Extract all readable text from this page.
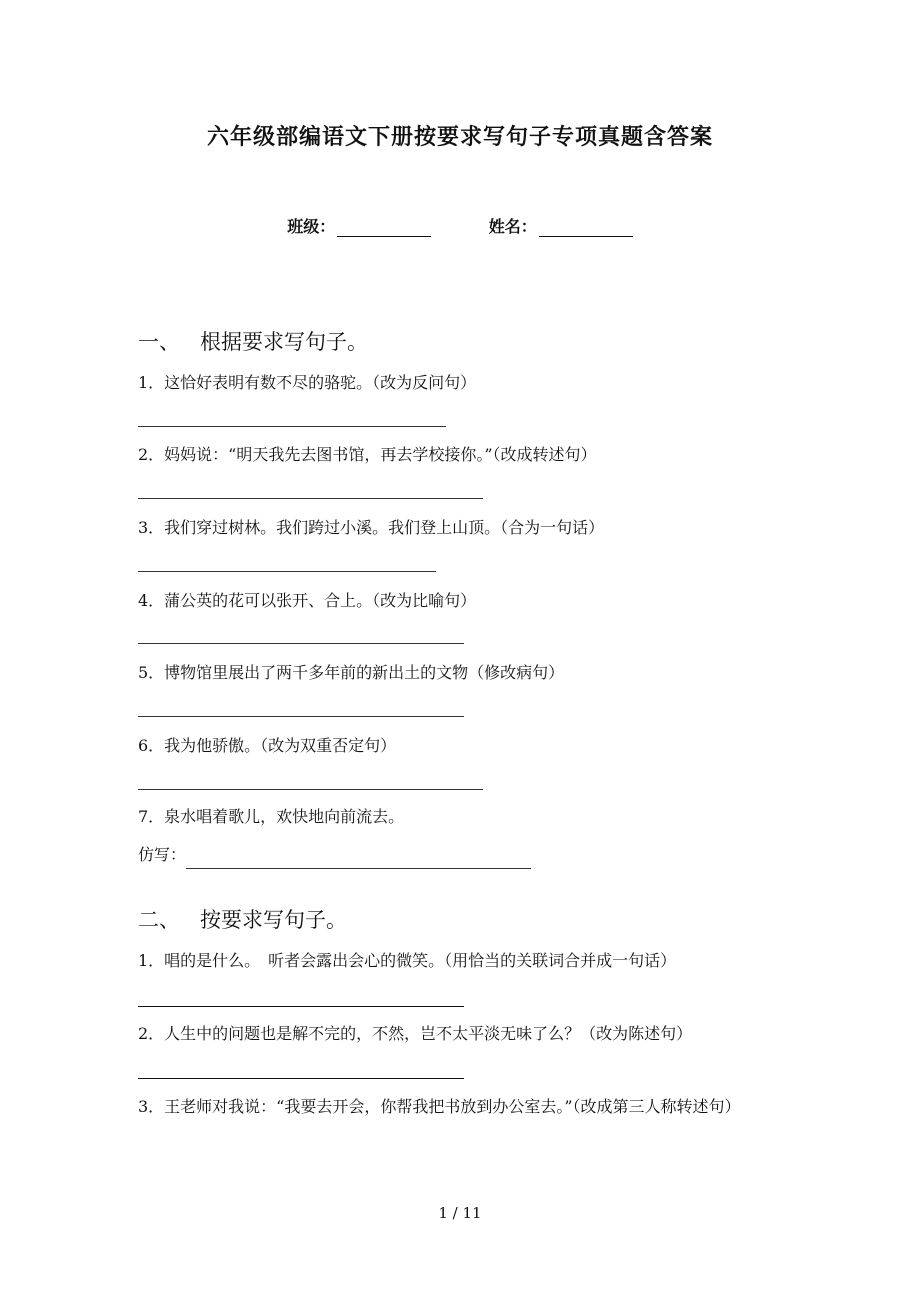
六年级部编语文下册按要求写句子专项真题含答案
班级：	姓名：
一、 根据要求写句子。
1．这恰好表明有数不尽的骆驼。（改为反问句）
2．妈妈说：“明天我先去图书馆，再去学校接你。”（改成转述句）
3．我们穿过树林。我们跨过小溪。我们登上山顶。（合为一句话）
4．蒲公英的花可以张开、合上。（改为比喻句）
5．博物馆里展出了两千多年前的新出土的文物（修改病句）
6．我为他骄傲。（改为双重否定句）
7．泉水唱着歌儿，欢快地向前流去。
仿写：
二、 按要求写句子。
1．唱的是什么。　听者会露出会心的微笑。（用恰当的关联词合并成一句话）
2．人生中的问题也是解不完的，不然，岂不太平淡无味了么？（改为陈述句）
3．王老师对我说：“我要去开会，你帮我把书放到办公室去。”（改成第三人称转述句）
1 / 11
